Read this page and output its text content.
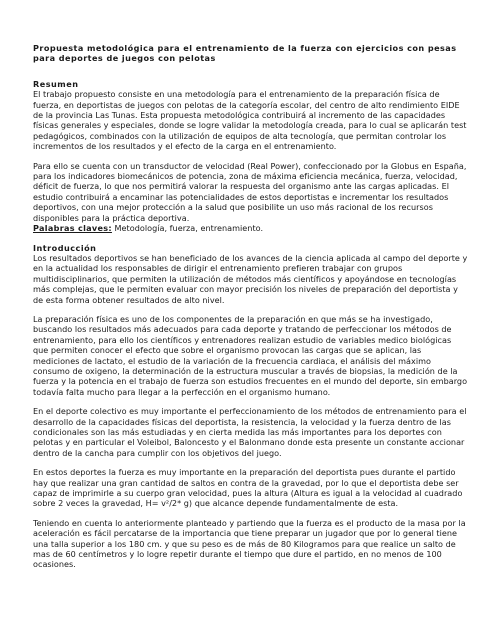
Propuesta metodológica para el entrenamiento de la fuerza con ejercicios con pesas para deportes de juegos con pelotas

Resumen

El trabajo propuesto consiste en una metodología para el entrenamiento de la preparación física de fuerza, en deportistas de juegos con pelotas de la categoría escolar, del centro de alto rendimiento EIDE de la provincia Las Tunas. Esta propuesta metodológica contribuirá al incremento de las capacidades físicas generales y especiales, donde se logre validar la metodología creada, para lo cual se aplicarán test pedagógicos, combinados con la utilización de equipos de alta tecnología, que permitan controlar los incrementos de los resultados y el efecto de la carga en el entrenamiento.

Para ello se cuenta con un transductor de velocidad (Real Power), confeccionado por la Globus en España, para los indicadores biomecánicos de potencia, zona de máxima eficiencia mecánica, fuerza, velocidad, déficit de fuerza, lo que nos permitirá valorar la respuesta del organismo ante las cargas aplicadas. El estudio contribuirá a encaminar las potencialidades de estos deportistas e incrementar los resultados deportivos, con una mejor protección a la salud que posibilite un uso más racional de los recursos disponibles para la práctica deportiva.

Palabras claves: Metodología, fuerza, entrenamiento.

Introducción

Los resultados deportivos se han beneficiado de los avances de la ciencia aplicada al campo del deporte y en la actualidad los responsables de dirigir el entrenamiento prefieren trabajar con grupos multidisciplinarios, que permiten la utilización de métodos más científicos y apoyándose en tecnologías más complejas, que le permiten evaluar con mayor precisión los niveles de preparación del deportista y de esta forma obtener resultados de alto nivel.

La preparación física es uno de los componentes de la preparación en que más se ha investigado, buscando los resultados más adecuados para cada deporte y tratando de perfeccionar los métodos de entrenamiento, para ello los científicos y entrenadores realizan estudio de variables medico biológicas que permiten conocer el efecto que sobre el organismo provocan las cargas que se aplican, las mediciones de lactato, el estudio de la variación de la frecuencia cardiaca, el análisis del máximo consumo de oxigeno, la determinación de la estructura muscular a través de biopsias, la medición de la fuerza y la potencia en el trabajo de fuerza son estudios frecuentes en el mundo del deporte, sin embargo todavía falta mucho para llegar a la perfección en el organismo humano.

En el deporte colectivo es muy importante el perfeccionamiento de los métodos de entrenamiento para el desarrollo de la capacidades físicas del deportista, la resistencia, la velocidad y la fuerza dentro de las condicionales son las más estudiadas y en cierta medida las más importantes para los deportes con pelotas y en particular el Voleibol, Baloncesto y el Balonmano donde esta presente un constante accionar dentro de la cancha para cumplir con los objetivos del juego.

En estos deportes la fuerza es muy importante en la preparación del deportista pues durante el partido hay que realizar una gran cantidad de saltos en contra de la gravedad, por lo que el deportista debe ser capaz de imprimirle a su cuerpo gran velocidad, pues la altura (Altura es igual a la velocidad al cuadrado sobre 2 veces la gravedad, H= v²/2* g) que alcance depende fundamentalmente de esta.

Teniendo en cuenta lo anteriormente planteado y partiendo que la fuerza es el producto de la masa por la aceleración es fácil percatarse de la importancia que tiene preparar un jugador que por lo general tiene una talla superior a los 180 cm. y que su peso es de más de 80 Kilogramos para que realice un salto de mas de 60 centímetros y lo logre repetir durante el tiempo que dure el partido, en no menos de 100 ocasiones.
